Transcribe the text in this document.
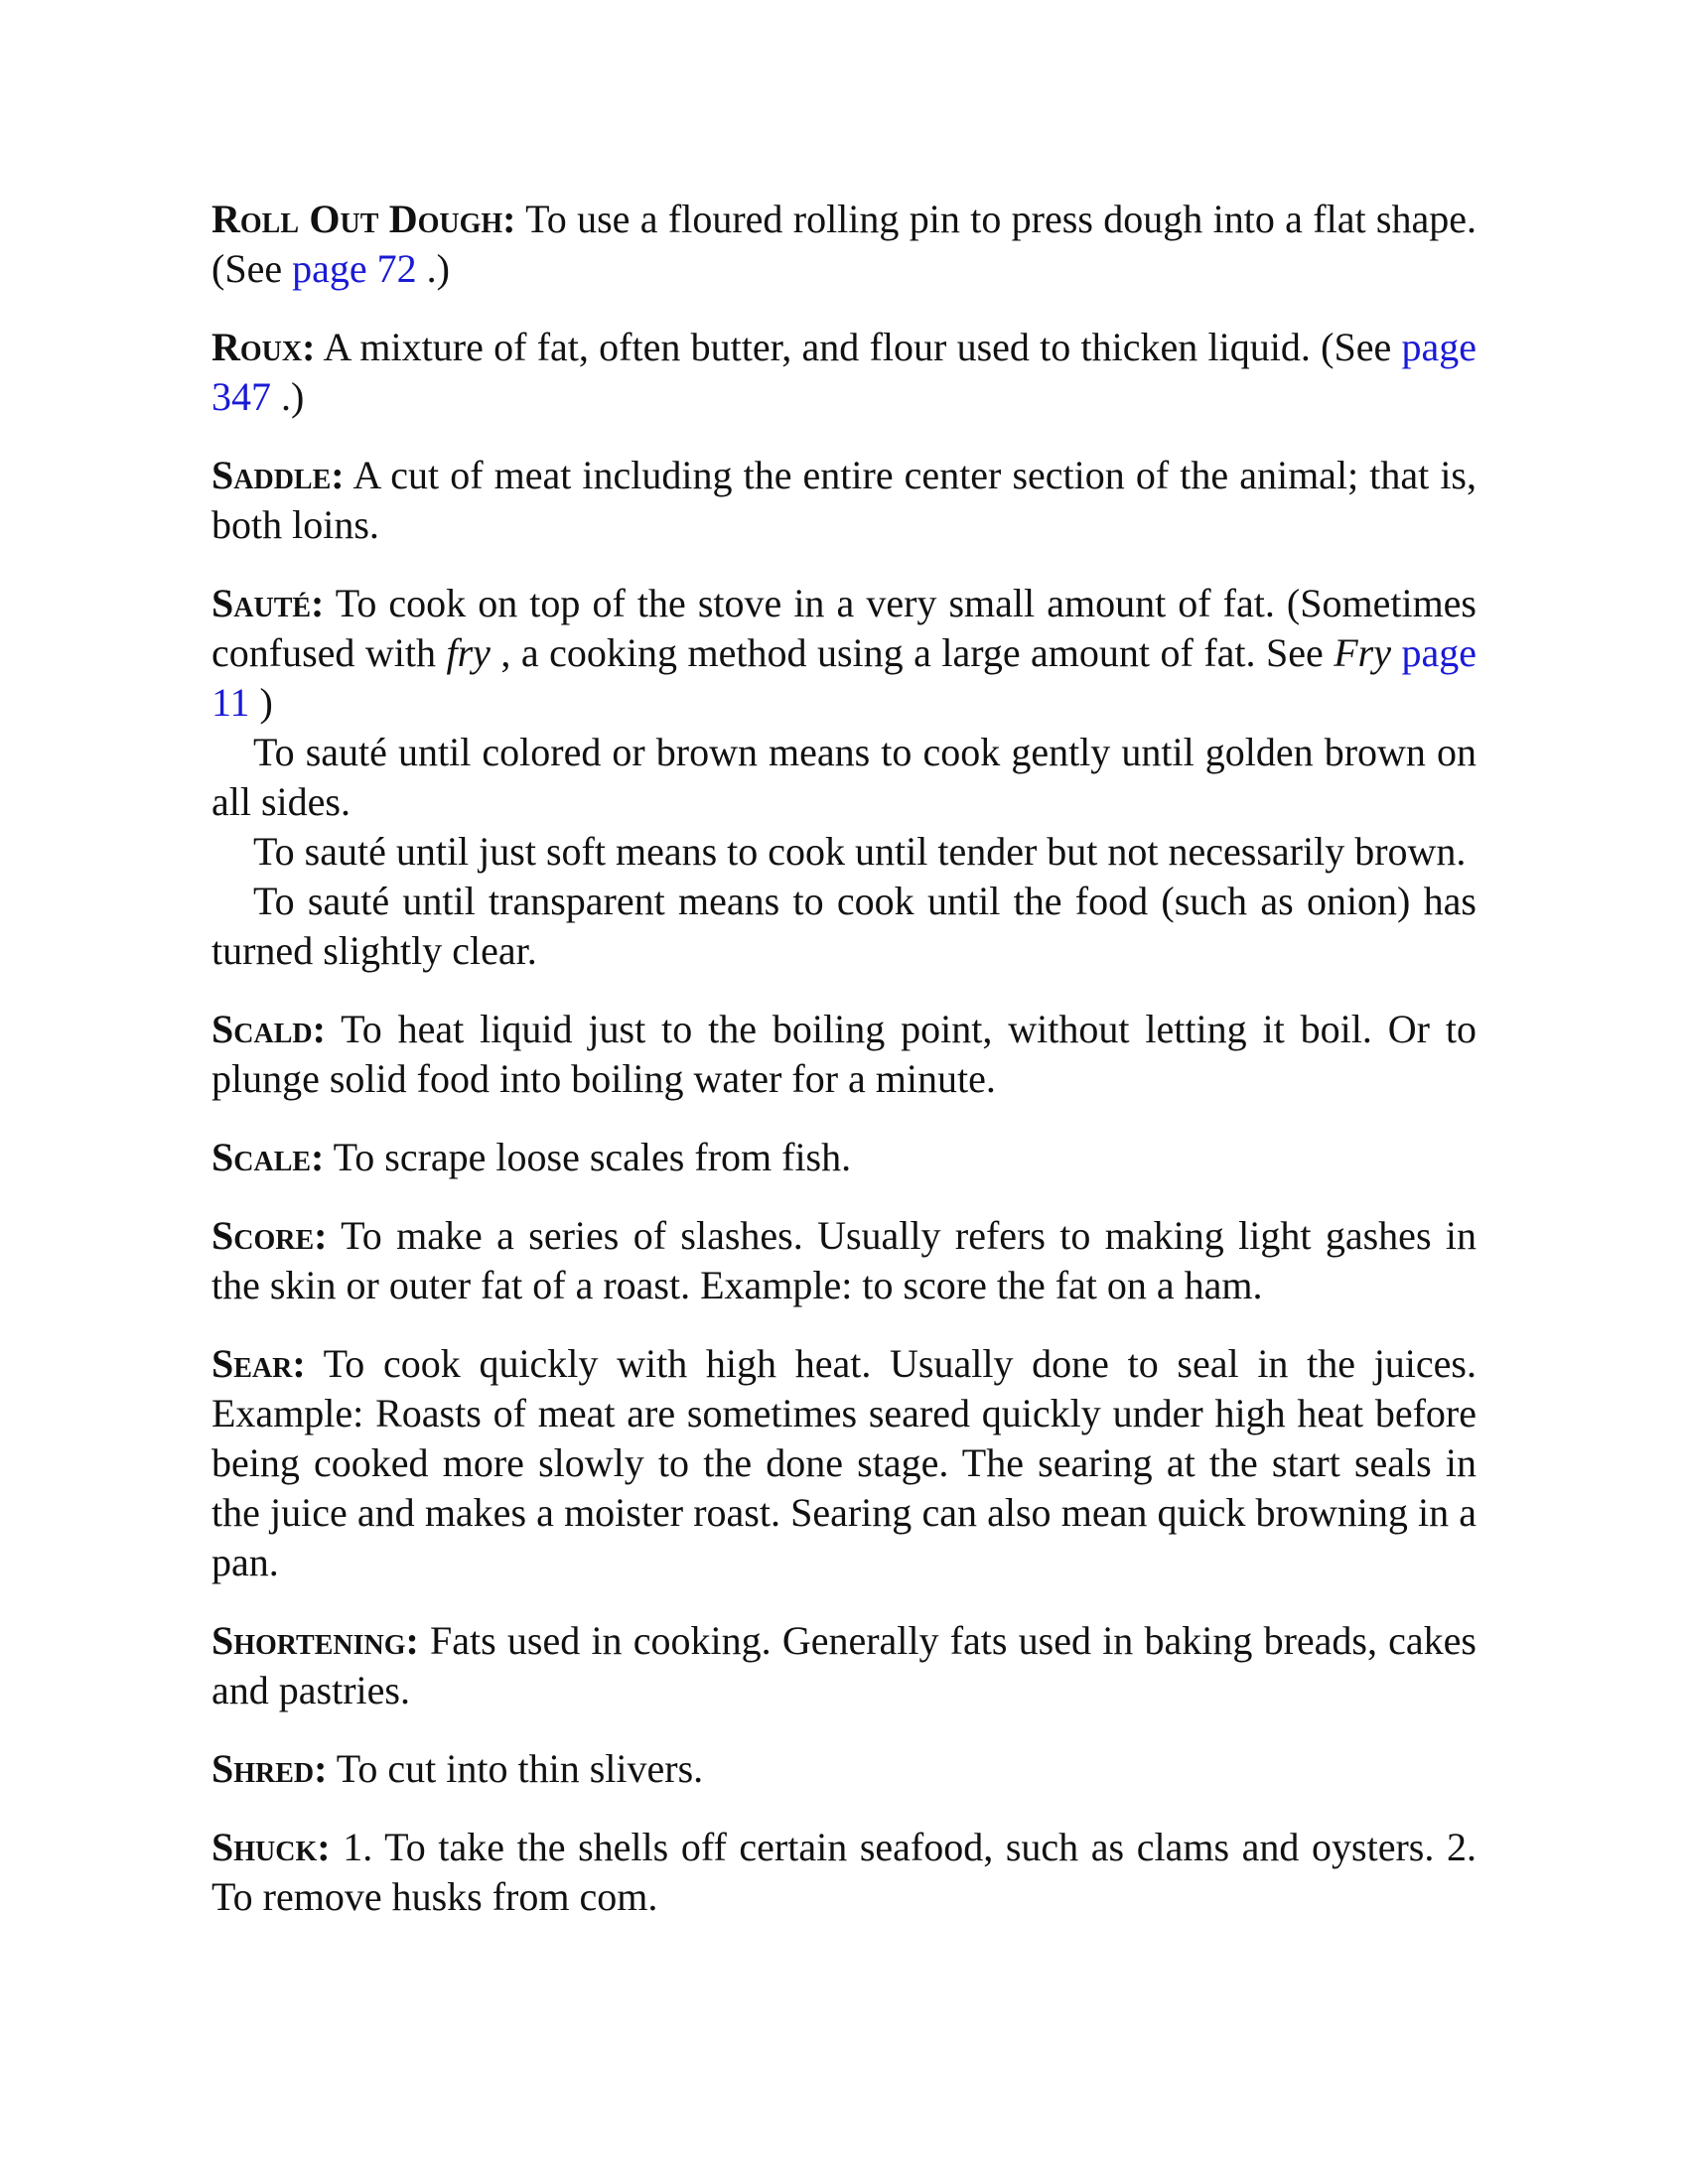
Roll Out Dough: To use a floured rolling pin to press dough into a flat shape. (See page 72 .)

Roux: A mixture of fat, often butter, and flour used to thicken liquid. (See page 347 .)

Saddle: A cut of meat including the entire center section of the animal; that is, both loins.

Sauté: To cook on top of the stove in a very small amount of fat. (Sometimes confused with fry , a cooking method using a large amount of fat. See Fry page 11 )

To sauté until colored or brown means to cook gently until golden brown on all sides.

To sauté until just soft means to cook until tender but not necessarily brown.

To sauté until transparent means to cook until the food (such as onion) has turned slightly clear.

Scald: To heat liquid just to the boiling point, without letting it boil. Or to plunge solid food into boiling water for a minute.

Scale: To scrape loose scales from fish.

Score: To make a series of slashes. Usually refers to making light gashes in the skin or outer fat of a roast. Example: to score the fat on a ham.

Sear: To cook quickly with high heat. Usually done to seal in the juices. Example: Roasts of meat are sometimes seared quickly under high heat before being cooked more slowly to the done stage. The searing at the start seals in the juice and makes a moister roast. Searing can also mean quick browning in a pan.

Shortening: Fats used in cooking. Generally fats used in baking breads, cakes and pastries.

Shred: To cut into thin slivers.

Shuck: 1. To take the shells off certain seafood, such as clams and oysters. 2. To remove husks from com.
